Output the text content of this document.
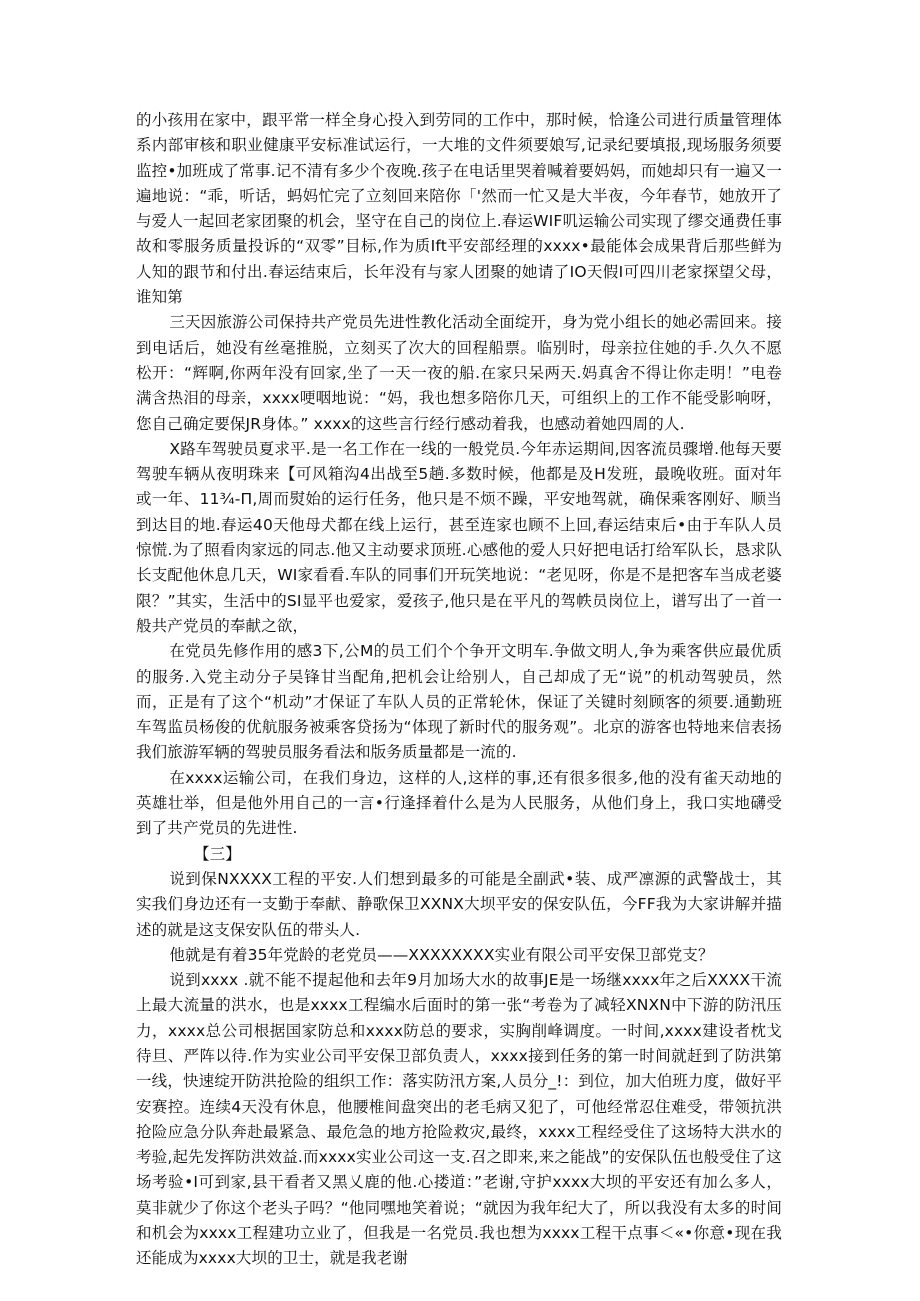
的小孩用在家中，跟平常一样全身心投入到劳同的工作中，那时候，恰逢公司进行质量管理体系内部审核和职业健康平安标准试运行，一大堆的文件须要娘写,记录纪要填报,现场服务须要监控•加班成了常事.记不清有多少个夜晚.孩子在电话里哭着喊着要妈妈，而她却只有一遍又一遍地说：“乖，听话，蚂妈忙完了立刻回来陪你「'然而一忙又是大半夜，今年春节，她放开了与爱人一起回老家团聚的机会，坚守在自己的岗位上.春运WIF叽运输公司实现了缪交通费任事故和零服务质量投诉的“双零”目标,作为质Ift平安部经理的xxxx•最能体会成果背后那些鲜为人知的跟节和付出.春运结束后，长年没有与家人团聚的她请了IO天假I可四川老家探望父母，谁知第

三天因旅游公司保持共产党员先进性教化活动全面绽开，身为党小组长的她必需回来。接到电话后，她没有丝毫推脱，立刻买了次大的回程船票。临别时，母亲拉住她的手.久久不愿松开：“辉啊,你两年没有回家,坐了一天一夜的船.在家只呆两天.妈真舍不得让你走明！”电卷满含热泪的母亲，xxxx哽咽地说：“妈，我也想多陪你几天，可组织上的工作不能受影响呀，您自己确定要保JR身体。” xxxx的这些言行经行感动着我，也感动着她四周的人.

X路车驾驶员夏求平.是一名工作在一线的一般党员.今年赤运期间,因客流员骤增.他每天要驾驶车辆从夜明珠来【可风箱沟4出战至5趟.多数时候，他都是及H发班，最晚收班。面对年或一年、11¾-Π,周而熨始的运行任务，他只是不烦不躁，平安地驾就，确保乘客刚好、顺当到达目的地.春运40天他母犬都在线上运行，甚至连家也顾不上回,春运结束后•由于车队人员惊慌.为了照看肉家远的同志.他又主动要求顶班.心感他的爱人只好把电话打给军队长，恳求队长支配他休息几天，WI家看看.车队的同事们开玩笑地说：“老见呀，你是不是把客车当成老婆限？”其实，生活中的SI显平也爱家，爱孩子,他只是在平凡的驾帙员岗位上，谱写出了一首一般共产党员的奉献之欲，

在党员先修作用的感3下,公M的员工们个个争开文明车.争做文明人,争为乘客供应最优质的服务.入党主动分子吴锋甘当配角,把机会让给别人，自己却成了无“说”的机动驾驶员，然而，正是有了这个“机动”才保证了车队人员的正常轮休，保证了关键时刻顾客的须要.通勤班车驾监员杨俊的优航服务被乘客贷扬为“体现了新时代的服务观”。北京的游客也特地来信表扬我们旅游军辆的驾驶员服务看法和版务质量都是一流的.

在xxxx运输公司，在我们身边，这样的人,这样的事,还有很多很多,他的没有雀天动地的英雄壮举，但是他外用自己的一言•行逢择着什么是为人民服务，从他们身上，我口实地礴受到了共产党员的先进性.

【三】

说到保NXXXX工程的平安.人们想到最多的可能是全副武•装、成严凛源的武警战士，其实我们身边还有一支勤于奉献、静歌保卫XXNX大坝平安的保安队伍，今FF我为大家讲解并描述的就是这支保安队伍的带头人.

他就是有着35年党龄的老党员——XXXXXXXX实业有限公司平安保卫部党支？

说到xxxx .就不能不提起他和去年9月加场大水的故事JE是一场继xxxx年之后XXXX干流上最大流量的洪水，也是xxxx工程编水后面时的第一张“考卷为了减轻XNXN中下游的防汛压力，xxxx总公司根据国家防总和xxxx防总的要求，实胸削峰调度。一时间,xxxx建设者枕戈待旦、严阵以待.作为实业公司平安保卫部负责人，xxxx接到任务的第一时间就赶到了防洪第一线，快速绽开防洪抢险的组织工作：落实防汛方案,人员分_!：到位，加大伯班力度，做好平安赛控。连续4天没有休息，他腰椎间盘突出的老毛病又犯了，可他经常忍住难受，带领抗洪抢险应急分队奔赴最紧急、最危急的地方抢险救灾,最终，xxxx工程经受住了这场特大洪水的考验,起先发挥防洪效益.而xxxx实业公司这一支.召之即来,来之能战”的安保队伍也般受住了这场考验•I可到家,县干看者又黑乂鹿的他.心搂道：”老谢,守护xxxx大坝的平安还有加么多人，莫非就少了你这个老头子吗？“他同嘿地笑着说；“就因为我年纪大了，所以我没有太多的时间和机会为xxxx工程建功立业了，但我是一名党员.我也想为xxxx工程干点事＜«•你意•现在我还能成为xxxx大坝的卫士，就是我老谢
